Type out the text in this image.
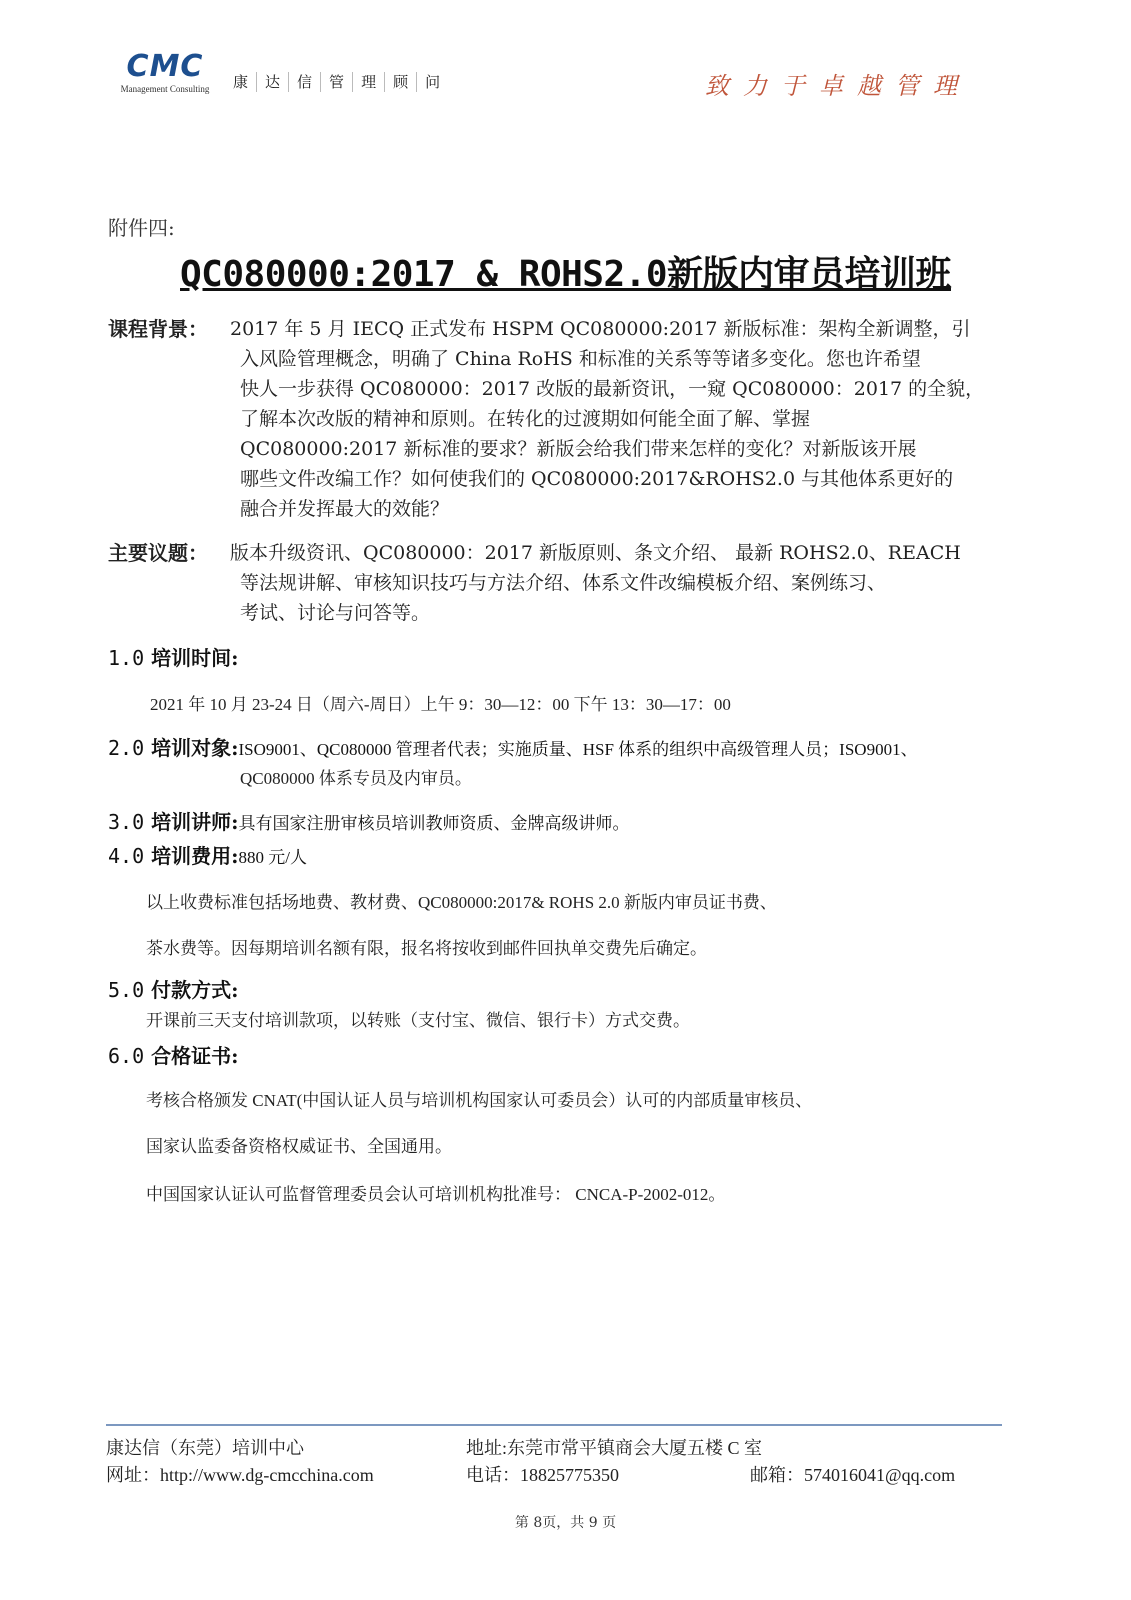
CMC
Management Consulting	康	达	信	管	理	顾	问	致力于卓越管理
附件四:
QC080000:2017 & ROHS2.0新版内审员培训班
课程背景： 2017 年 5 月 IECQ 正式发布 HSPM QC080000:2017 新版标准：架构全新调整，引
入风险管理概念，明确了 China RoHS 和标准的关系等等诸多变化。您也许希望
快人一步获得 QC080000：2017 改版的最新资讯，一窥 QC080000：2017 的全貌，
了解本次改版的精神和原则。在转化的过渡期如何能全面了解、掌握
QC080000:2017 新标准的要求？新版会给我们带来怎样的变化？对新版该开展
哪些文件改编工作？如何使我们的 QC080000:2017&ROHS2.0 与其他体系更好的
融合并发挥最大的效能？
主要议题： 版本升级资讯、QC080000：2017 新版原则、条文介绍、 最新 ROHS2.0、REACH
等法规讲解、审核知识技巧与方法介绍、体系文件改编模板介绍、案例练习、
考试、讨论与问答等。
1.0 培训时间:
2021 年 10 月 23-24 日（周六-周日）上午 9：30—12：00 下午 13：30—17：00
2.0
培训对象: ISO9001、QC080000 管理者代表；实施质量、HSF 体系的组织中高级管理人员；ISO9001、
QC080000 体系专员及内审员。
3.0
培训讲师: 具有国家注册审核员培训教师资质、金牌高级讲师。
4.0
培训费用: 880 元/人
以上收费标准包括场地费、教材费、QC080000:2017& ROHS 2.0 新版内审员证书费、
茶水费等。因每期培训名额有限，报名将按收到邮件回执单交费先后确定。
5.0 付款方式:
开课前三天支付培训款项，以转账（支付宝、微信、银行卡）方式交费。
6.0 合格证书:
考核合格颁发 CNAT(中国认证人员与培训机构国家认可委员会）认可的内部质量审核员、
国家认监委备资格权威证书、全国通用。
中国国家认证认可监督管理委员会认可培训机构批准号： CNCA-P-2002-012。
康达信（东莞）培训中心
网址：http://www.dg-cmcchina.com
地址:东莞市常平镇商会大厦五楼 C 室
电话：18825775350	邮箱：574016041@qq.com
第 8页，共 9 页
